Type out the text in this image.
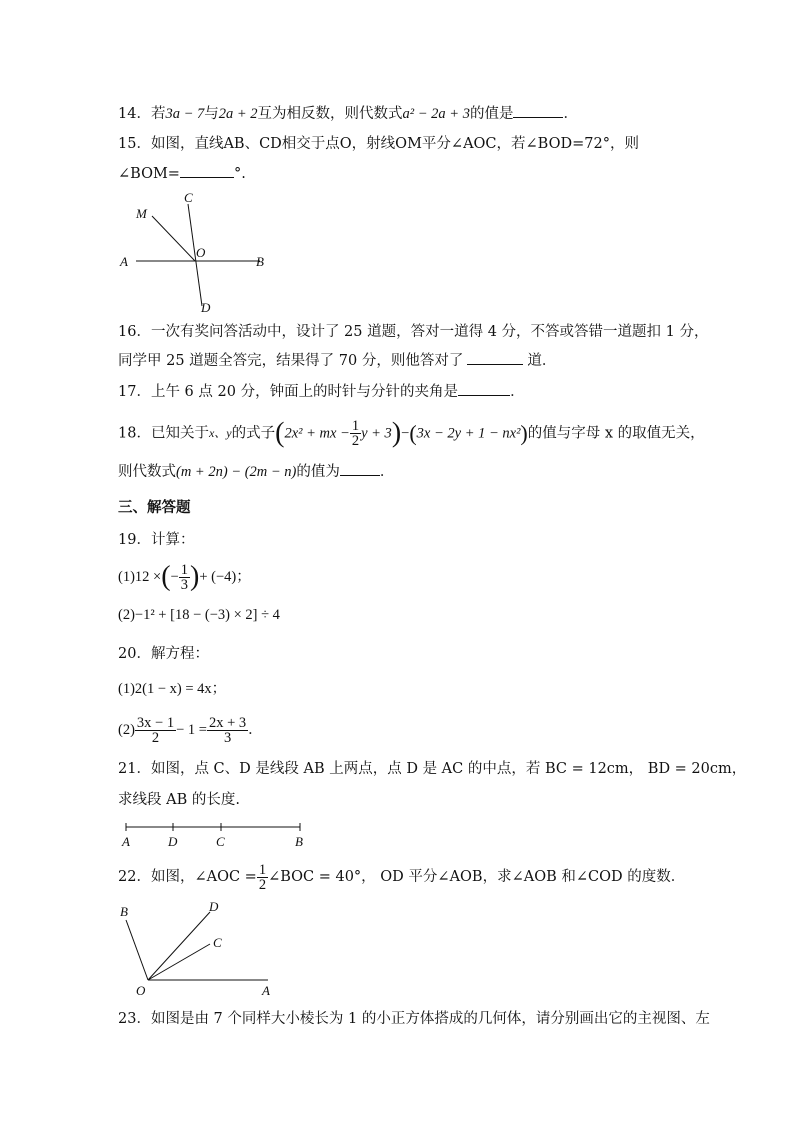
14．若3a − 7与2a + 2互为相反数，则代数式a² − 2a + 3的值是	．
15．如图，直线AB、CD相交于点O，射线OM平分∠AOC，若∠BOD=72°，则
∠BOM=	°.
C
M
O
A	B
D
16．一次有奖问答活动中，设计了 25 道题，答对一道得 4 分，不答或答错一道题扣 1 分，
同学甲 25 道题全答完，结果得了 70 分，则他答对了	道．
17．上午 6 点 20 分，钟面上的时针与分针的夹角是	．
18．已知关于$^{x、y}$的式子(2x² + mx − $\frac{1}{2}$ y + 3)−(3x − 2y + 1 − nx²)的值与字母 x 的取值无关，
则代数式(m + 2n) − (2m − n)的值为	．
三、解答题
19．计算：
(1)12 ×(− $\frac{1}{3}$ )+ (−4)；
(2)−1² + [18 − (−3) × 2] ÷ 4
20．解方程：
(1)2(1 − x) = 4x；
$(2) \frac{3x - 1}{2} - 1 = \frac{2x + 3}{3}$ ．
21．如图，点 C、D 是线段 AB 上两点，点 D 是 AC 的中点，若 BC = 12cm， BD = 20cm，
求线段 AB 的长度.
A	D	C	B
22．如图，∠AOC = $\frac{1}{2}$ ∠BOC = 40°， OD 平分∠AOB，求∠AOB 和∠COD 的度数．
B	D
C
O	A
23．如图是由 7 个同样大小棱长为 1 的小正方体搭成的几何体，请分别画出它的主视图、左
